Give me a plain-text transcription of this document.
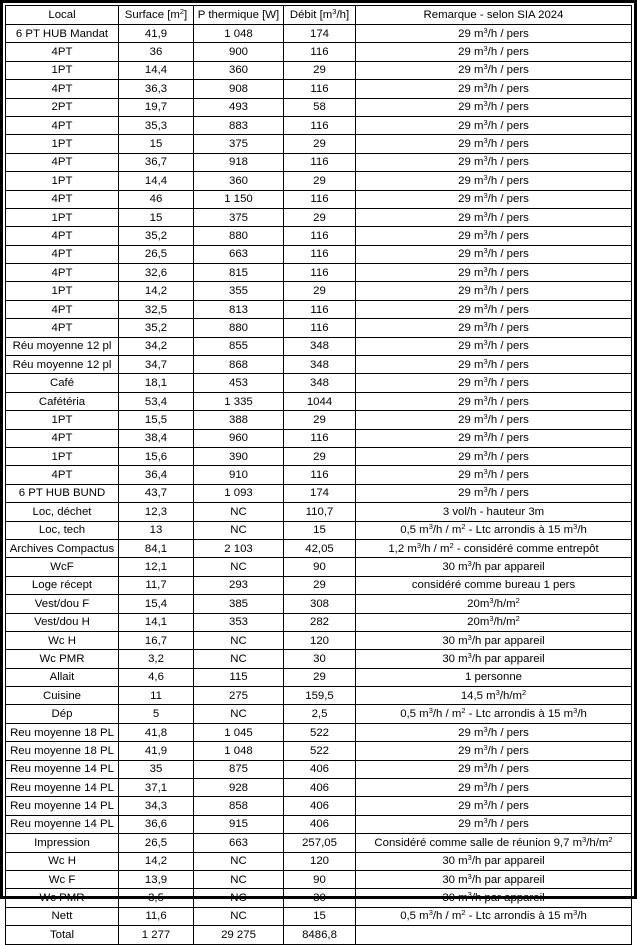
Local	Surface $[m^2]$	P thermique [W]	Débit $[m^3/h]$	Remarque - selon SIA 2024
6 PT HUB Mandat	41,9	1 048	174	29 $m^3/h$ / pers
4PT	36	900	116	29 $m^3/h$ / pers
1PT	14,4	360	29	29 $m^3/h$ / pers
4PT	36,3	908	116	29 $m^3/h$ / pers
2PT	19,7	493	58	29 $m^3/h$ / pers
4PT	35,3	883	116	29 $m^3/h$ / pers
1PT	15	375	29	29 $m^3/h$ / pers
4PT	36,7	918	116	29 $m^3/h$ / pers
1PT	14,4	360	29	29 $m^3/h$ / pers
4PT	46	1 150	116	29 $m^3/h$ / pers
1PT	15	375	29	29 $m^3/h$ / pers
4PT	35,2	880	116	29 $m^3/h$ / pers
4PT	26,5	663	116	29 $m^3/h$ / pers
4PT	32,6	815	116	29 $m^3/h$ / pers
1PT	14,2	355	29	29 $m^3/h$ / pers
4PT	32,5	813	116	29 $m^3/h$ / pers
4PT	35,2	880	116	29 $m^3/h$ / pers
Réu moyenne 12 pl	34,2	855	348	29 $m^3/h$ / pers
Réu moyenne 12 pl	34,7	868	348	29 $m^3/h$ / pers
Café	18,1	453	348	29 $m^3/h$ / pers
Cafétéria	53,4	1 335	1044	29 $m^3/h$ / pers
1PT	15,5	388	29	29 $m^3/h$ / pers
4PT	38,4	960	116	29 $m^3/h$ / pers
1PT	15,6	390	29	29 $m^3/h$ / pers
4PT	36,4	910	116	29 $m^3/h$ / pers
6 PT HUB BUND	43,7	1 093	174	29 $m^3/h$ / pers
Loc, déchet	12,3	NC	110,7	3 vol/h - hauteur 3m
Loc, tech	13	NC	15	0,5 $m^3/h / m^2$ - Ltc arrondis à 15 $m^3/h$
Archives Compactus	84,1	2 103	42,05	1,2 $m^3/h / m^2$ - considéré comme entrepôt
WcF	12,1	NC	90	30 $m^3/h$ par appareil
Loge récept	11,7	293	29	considéré comme bureau 1 pers
Vest/dou F	15,4	385	308	$20m^3/h/m^2$
Vest/dou H	14,1	353	282	$20m^3/h/m^2$
Wc H	16,7	NC	120	30 $m^3/h$ par appareil
Wc PMR	3,2	NC	30	30 $m^3/h$ par appareil
Allait	4,6	115	29	1 personne
Cuisine	11	275	159,5	14,5 $m^3/h/m^2$
Dép	5	NC	2,5	0,5 $m^3/h / m^2$ - Ltc arrondis à 15 $m^3/h$
Reu moyenne 18 PL	41,8	1 045	522	29 $m^3/h$ / pers
Reu moyenne 18 PL	41,9	1 048	522	29 $m^3/h$ / pers
Reu moyenne 14 PL	35	875	406	29 $m^3/h$ / pers
Reu moyenne 14 PL	37,1	928	406	29 $m^3/h$ / pers
Reu moyenne 14 PL	34,3	858	406	29 $m^3/h$ / pers
Reu moyenne 14 PL	36,6	915	406	29 $m^3/h$ / pers
Impression	26,5	663	257,05	Considéré comme salle de réunion 9,7 $m^3/h/m^2$
Wc H	14,2	NC	120	30 $m^3/h$ par appareil
Wc F	13,9	NC	90	30 $m^3/h$ par appareil
Wc PMR	3,5	NC	30	30 $m^3/h$ par appareil
Nett	11,6	NC	15	0,5 $m^3/h / m^2$ - Ltc arrondis à 15 $m^3/h$
Total	1 277	29 275	8486,8	
